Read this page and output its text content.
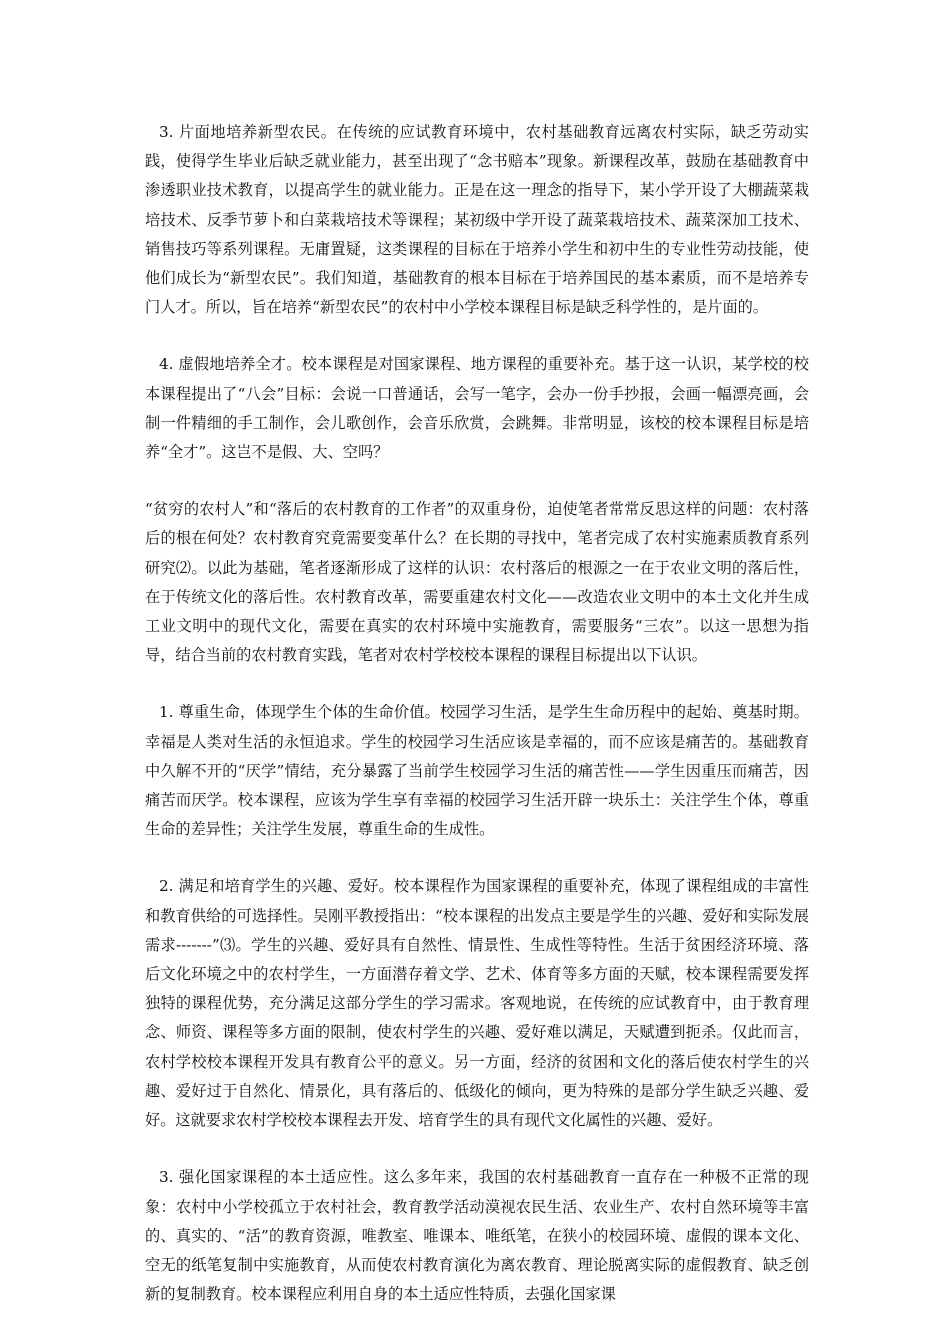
3. 片面地培养新型农民。在传统的应试教育环境中，农村基础教育远离农村实际，缺乏劳动实践，使得学生毕业后缺乏就业能力，甚至出现了“念书赔本”现象。新课程改革，鼓励在基础教育中渗透职业技术教育，以提高学生的就业能力。正是在这一理念的指导下，某小学开设了大棚蔬菜栽培技术、反季节萝卜和白菜栽培技术等课程；某初级中学开设了蔬菜栽培技术、蔬菜深加工技术、销售技巧等系列课程。无庸置疑，这类课程的目标在于培养小学生和初中生的专业性劳动技能，使他们成长为“新型农民”。我们知道，基础教育的根本目标在于培养国民的基本素质，而不是培养专门人才。所以，旨在培养“新型农民”的农村中小学校本课程目标是缺乏科学性的，是片面的。

4. 虚假地培养全才。校本课程是对国家课程、地方课程的重要补充。基于这一认识，某学校的校本课程提出了“八会”目标：会说一口普通话，会写一笔字，会办一份手抄报，会画一幅漂亮画，会制一件精细的手工制作，会儿歌创作，会音乐欣赏，会跳舞。非常明显，该校的校本课程目标是培养“全才”。这岂不是假、大、空吗？

“贫穷的农村人”和“落后的农村教育的工作者”的双重身份，迫使笔者常常反思这样的问题：农村落后的根在何处？农村教育究竟需要变革什么？在长期的寻找中，笔者完成了农村实施素质教育系列研究⑵。以此为基础，笔者逐渐形成了这样的认识：农村落后的根源之一在于农业文明的落后性，在于传统文化的落后性。农村教育改革，需要重建农村文化——改造农业文明中的本土文化并生成工业文明中的现代文化，需要在真实的农村环境中实施教育，需要服务“三农”。以这一思想为指导，结合当前的农村教育实践，笔者对农村学校校本课程的课程目标提出以下认识。

1. 尊重生命，体现学生个体的生命价值。校园学习生活，是学生生命历程中的起始、奠基时期。幸福是人类对生活的永恒追求。学生的校园学习生活应该是幸福的，而不应该是痛苦的。基础教育中久解不开的“厌学”情结，充分暴露了当前学生校园学习生活的痛苦性——学生因重压而痛苦，因痛苦而厌学。校本课程，应该为学生享有幸福的校园学习生活开辟一块乐土：关注学生个体，尊重生命的差异性；关注学生发展，尊重生命的生成性。

2. 满足和培育学生的兴趣、爱好。校本课程作为国家课程的重要补充，体现了课程组成的丰富性和教育供给的可选择性。吴刚平教授指出：“校本课程的出发点主要是学生的兴趣、爱好和实际发展需求-------”⑶。学生的兴趣、爱好具有自然性、情景性、生成性等特性。生活于贫困经济环境、落后文化环境之中的农村学生，一方面潜存着文学、艺术、体育等多方面的天赋，校本课程需要发挥独特的课程优势，充分满足这部分学生的学习需求。客观地说，在传统的应试教育中，由于教育理念、师资、课程等多方面的限制，使农村学生的兴趣、爱好难以满足，天赋遭到扼杀。仅此而言，农村学校校本课程开发具有教育公平的意义。另一方面，经济的贫困和文化的落后使农村学生的兴趣、爱好过于自然化、情景化，具有落后的、低级化的倾向，更为特殊的是部分学生缺乏兴趣、爱好。这就要求农村学校校本课程去开发、培育学生的具有现代文化属性的兴趣、爱好。

3. 强化国家课程的本土适应性。这么多年来，我国的农村基础教育一直存在一种极不正常的现象：农村中小学校孤立于农村社会，教育教学活动漠视农民生活、农业生产、农村自然环境等丰富的、真实的、“活”的教育资源，唯教室、唯课本、唯纸笔，在狭小的校园环境、虚假的课本文化、空无的纸笔复制中实施教育，从而使农村教育演化为离农教育、理论脱离实际的虚假教育、缺乏创新的复制教育。校本课程应利用自身的本土适应性特质，去强化国家课
